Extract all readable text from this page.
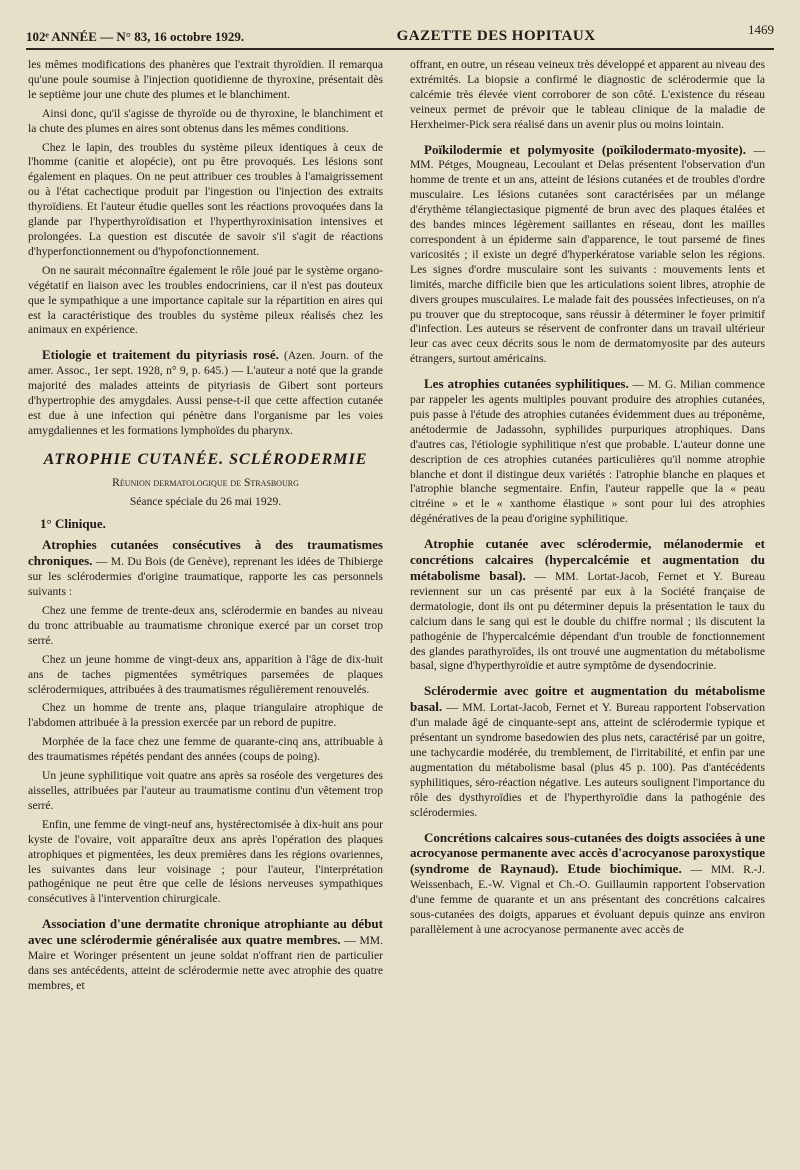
102ᵉ ANNÉE — N° 83, 16 octobre 1929.	GAZETTE DES HOPITAUX	1469

les mêmes modifications des phanères que l'extrait thyroïdien. Il remarqua qu'une poule soumise à l'injection quotidienne de thyroxine, présentait dès le septième jour une chute des plumes et le blanchiment.

Ainsi donc, qu'il s'agisse de thyroïde ou de thyroxine, le blanchiment et la chute des plumes en aires sont obtenus dans les mêmes conditions.

Chez le lapin, des troubles du système pileux identiques à ceux de l'homme (canitie et alopécie), ont pu être provoqués. Les lésions sont également en plaques. On ne peut attribuer ces troubles à l'amaigrissement ou à l'état cachectique produit par l'ingestion ou l'injection des extraits thyroïdiens. Et l'auteur étudie quelles sont les réactions provoquées dans la glande par l'hyperthyroïdisation et l'hyperthyroxinisation intensives et prolongées. La question est discutée de savoir s'il s'agit de réactions d'hyperfonctionnement ou d'hypofonctionnement.

On ne saurait méconnaître également le rôle joué par le système organo-végétatif en liaison avec les troubles endocriniens, car il n'est pas douteux que le sympathique a une importance capitale sur la répartition en aires qui est la caractéristique des troubles du système pileux réalisés chez les animaux en expérience.

Etiologie et traitement du pityriasis rosé. (Azen. Journ. of the amer. Assoc., 1er sept. 1928, n° 9, p. 645.) — L'auteur a noté que la grande majorité des malades atteints de pityriasis de Gibert sont porteurs d'hypertrophie des amygdales. Aussi pense-t-il que cette affection cutanée est due à une infection qui pénètre dans l'organisme par les voies amygdaliennes et les formations lymphoïdes du pharynx.

ATROPHIE CUTANÉE. SCLÉRODERMIE

Réunion dermatologique de Strasbourg

Séance spéciale du 26 mai 1929.

1° Clinique.

Atrophies cutanées consécutives à des traumatismes chroniques. — M. Du Bois (de Genève), reprenant les idées de Thibierge sur les sclérodermies d'origine traumatique, rapporte les cas personnels suivants :

Chez une femme de trente-deux ans, sclérodermie en bandes au niveau du tronc attribuable au traumatisme chronique exercé par un corset trop serré.

Chez un jeune homme de vingt-deux ans, apparition à l'âge de dix-huit ans de taches pigmentées symétriques parsemées de plaques sclérodermiques, attribuées à des traumatismes régulièrement renouvelés.

Chez un homme de trente ans, plaque triangulaire atrophique de l'abdomen attribuée à la pression exercée par un rebord de pupitre.

Morphée de la face chez une femme de quarante-cinq ans, attribuable à des traumatismes répétés pendant des années (coups de poing).

Un jeune syphilitique voit quatre ans après sa roséole des vergetures des aisselles, attribuées par l'auteur au traumatisme continu d'un vêtement trop serré.

Enfin, une femme de vingt-neuf ans, hystérectomisée à dix-huit ans pour kyste de l'ovaire, voit apparaître deux ans après l'opération des plaques atrophiques et pigmentées, les deux premières dans les régions ovariennes, les suivantes dans leur voisinage ; pour l'auteur, l'interprétation pathogénique ne peut être que celle de lésions nerveuses sympathiques consécutives à l'intervention chirurgicale.

Association d'une dermatite chronique atrophiante au début avec une sclérodermie généralisée aux quatre membres. — MM. Maire et Woringer présentent un jeune soldat n'offrant rien de particulier dans ses antécédents, atteint de sclérodermie nette avec atrophie des quatre membres, et

offrant, en outre, un réseau veineux très développé et apparent au niveau des extrémités. La biopsie a confirmé le diagnostic de sclérodermie que la calcémie très élevée vient corroborer de son côté. L'existence du réseau veineux permet de prévoir que le tableau clinique de la maladie de Herxheimer-Pick sera réalisé dans un avenir plus ou moins lointain.

Poïkilodermie et polymyosite (poïkilodermato-myosite). — MM. Pétges, Mougneau, Lecoulant et Delas présentent l'observation d'un homme de trente et un ans, atteint de lésions cutanées et de troubles d'ordre musculaire. Les lésions cutanées sont caractérisées par un mélange d'érythème télangiectasique pigmenté de brun avec des plaques étalées et des bandes minces légèrement saillantes en réseau, dont les mailles correspondent à un épiderme sain d'apparence, le tout parsemé de fines varicosités ; il existe un degré d'hyperkératose variable selon les régions. Les signes d'ordre musculaire sont les suivants : mouvements lents et limités, marche difficile bien que les articulations soient libres, atrophie de divers groupes musculaires. Le malade fait des poussées infectieuses, on n'a pu trouver que du streptocoque, sans réussir à déterminer le foyer primitif d'infection. Les auteurs se réservent de confronter dans un travail ultérieur leur cas avec ceux décrits sous le nom de dermatomyosite par des auteurs étrangers, surtout américains.

Les atrophies cutanées syphilitiques. — M. G. Milian commence par rappeler les agents multiples pouvant produire des atrophies cutanées, puis passe à l'étude des atrophies cutanées évidemment dues au tréponème, anétodermie de Jadassohn, syphilides purpuriques atrophiques. Dans d'autres cas, l'étiologie syphilitique n'est que probable. L'auteur donne une description de ces atrophies cutanées particulières qu'il nomme atrophie blanche et dont il distingue deux variétés : l'atrophie blanche en plaques et l'atrophie blanche segmentaire. Enfin, l'auteur rappelle que la « peau citréine » et le « xanthome élastique » sont pour lui des atrophies dégénératives de la peau d'origine syphilitique.

Atrophie cutanée avec sclérodermie, mélanodermie et concrétions calcaires (hypercalcémie et augmentation du métabolisme basal). — MM. Lortat-Jacob, Fernet et Y. Bureau reviennent sur un cas présenté par eux à la Société française de dermatologie, dont ils ont pu déterminer depuis la présentation le taux du calcium dans le sang qui est le double du chiffre normal ; ils discutent la pathogénie de l'hypercalcémie dépendant d'un trouble de fonctionnement des glandes parathyroïdes, ils ont trouvé une augmentation du métabolisme basal, signe d'hyperthyroïdie et autre symptôme de dysendocrinie.

Sclérodermie avec goitre et augmentation du métabolisme basal. — MM. Lortat-Jacob, Fernet et Y. Bureau rapportent l'observation d'un malade âgé de cinquante-sept ans, atteint de sclérodermie typique et présentant un syndrome basedowien des plus nets, caractérisé par un goitre, une tachycardie modérée, du tremblement, de l'irritabilité, et enfin par une augmentation du métabolisme basal (plus 45 p. 100). Pas d'antécédents syphilitiques, séro-réaction négative. Les auteurs soulignent l'importance du rôle des dysthyroïdies et de l'hyperthyroïdie dans la pathogénie des sclérodermies.

Concrétions calcaires sous-cutanées des doigts associées à une acrocyanose permanente avec accès d'acrocyanose paroxystique (syndrome de Raynaud). Etude biochimique. — MM. R.-J. Weissenbach, E.-W. Vignal et Ch.-O. Guillaumin rapportent l'observation d'une femme de quarante et un ans présentant des concrétions calcaires sous-cutanées des doigts, apparues et évoluant depuis quinze ans environ parallèlement à une acrocyanose permanente avec accès de
